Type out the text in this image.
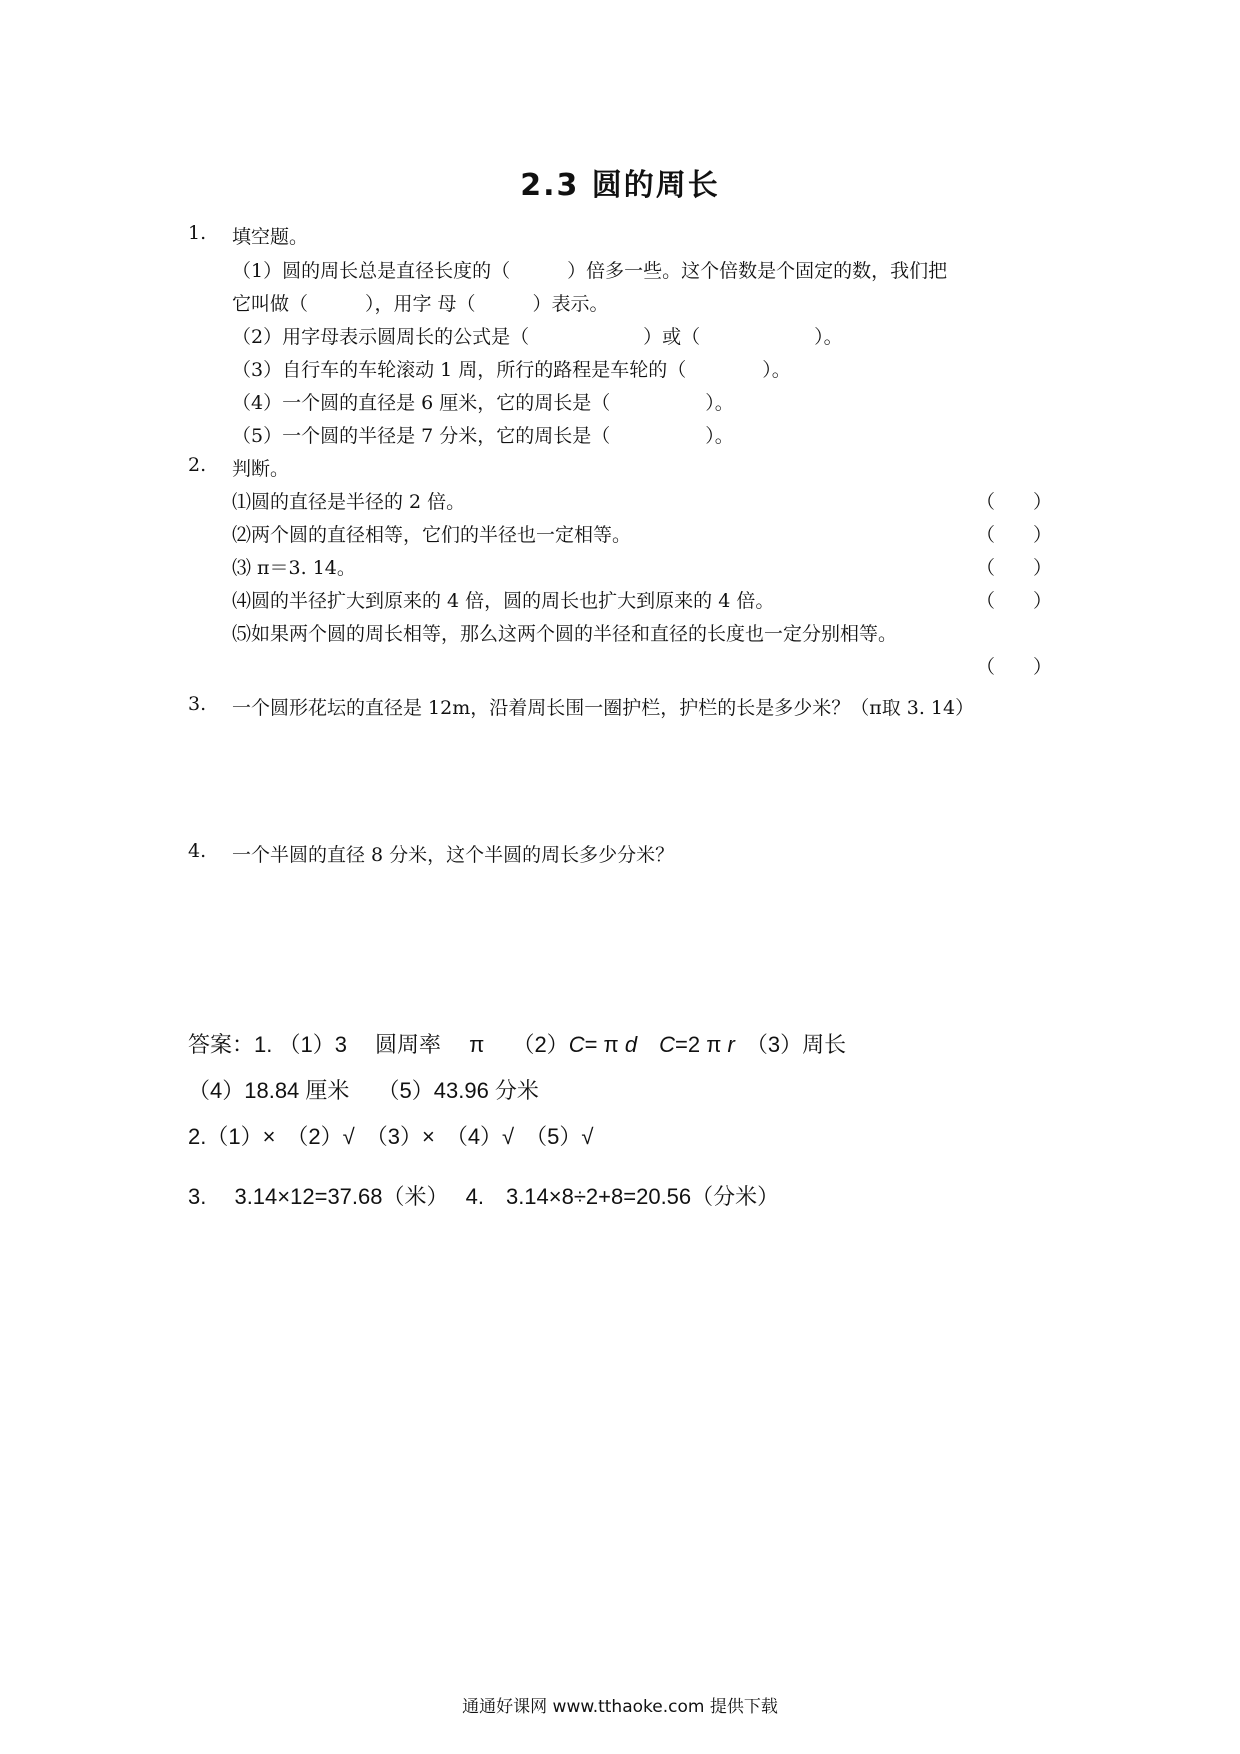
2.3 圆的周长
1. 填空题。
（1）圆的周长总是直径长度的（　　　）倍多一些。这个倍数是个固定的数，我们把
它叫做（　　　），用字 母（　　　）表示。
（2）用字母表示圆周长的公式是（　　　　　　）或（　　　　　　）。
（3）自行车的车轮滚动 1 周，所行的路程是车轮的（　　　　）。
（4）一个圆的直径是 6 厘米，它的周长是（　　　　　）。
（5）一个圆的半径是 7 分米，它的周长是（　　　　　）。
2. 判断。
⑴圆的直径是半径的 2 倍。	（　　）
⑵两个圆的直径相等，它们的半径也一定相等。	（　　）
⑶ π＝3. 14。	（　　）
⑷圆的半径扩大到原来的 4 倍，圆的周长也扩大到原来的 4 倍。	（　　）
⑸如果两个圆的周长相等，那么这两个圆的半径和直径的长度也一定分别相等。
（　　）
3. 一个圆形花坛的直径是 12m，沿着周长围一圈护栏，护栏的长是多少米？（π取 3. 14）
4. 一个半圆的直径 8 分米，这个半圆的周长多少分米？
答案：1. （1）3　 圆周率　 π　 （2）C= π d　 C=2 π r　（3）周长
（4）18.84 厘米　 （5）43.96 分米
2.（1）×　（2）√　（3）×　（4）√　（5）√
3.　 3.14×12=37.68（米）　 4.　3.14×8÷2+8=20.56（分米）
通通好课网 www.tthaoke.com 提供下载
